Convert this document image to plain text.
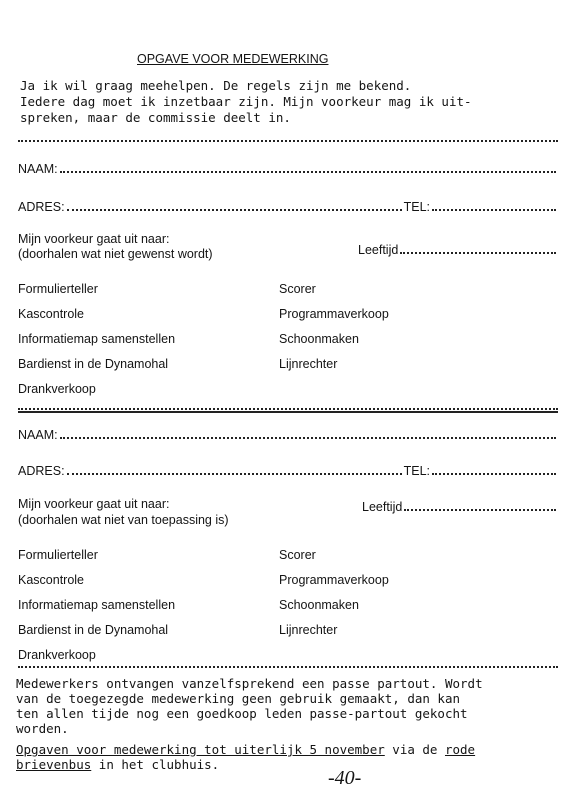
OPGAVE VOOR MEDEWERKING
Ja ik wil graag meehelpen. De regels zijn me bekend.
Iedere dag moet ik inzetbaar zijn. Mijn voorkeur mag ik uit-
spreken, maar de commissie deelt in.
NAAM:
ADRES:	TEL:
Mijn voorkeur gaat uit naar:
(doorhalen wat niet gewenst wordt)	Leeftijd
Formulierteller	Scorer
Kascontrole	Programmaverkoop
Informatiemap samenstellen	Schoonmaken
Bardienst in de Dynamohal	Lijnrechter
Drankverkoop
NAAM:
ADRES:	TEL:
Mijn voorkeur gaat uit naar:
(doorhalen wat niet van toepassing is)
Leeftijd
Formulierteller	Scorer
Kascontrole	Programmaverkoop
Informatiemap samenstellen	Schoonmaken
Bardienst in de Dynamohal	Lijnrechter
Drankverkoop
Medewerkers ontvangen vanzelfsprekend een passe partout. Wordt
van de toegezegde medewerking geen gebruik gemaakt, dan kan
ten allen tijde nog een goedkoop leden passe-partout gekocht
worden.
Opgaven voor medewerking tot uiterlijk 5 november via de rode
brievenbus in het clubhuis.
-40-
